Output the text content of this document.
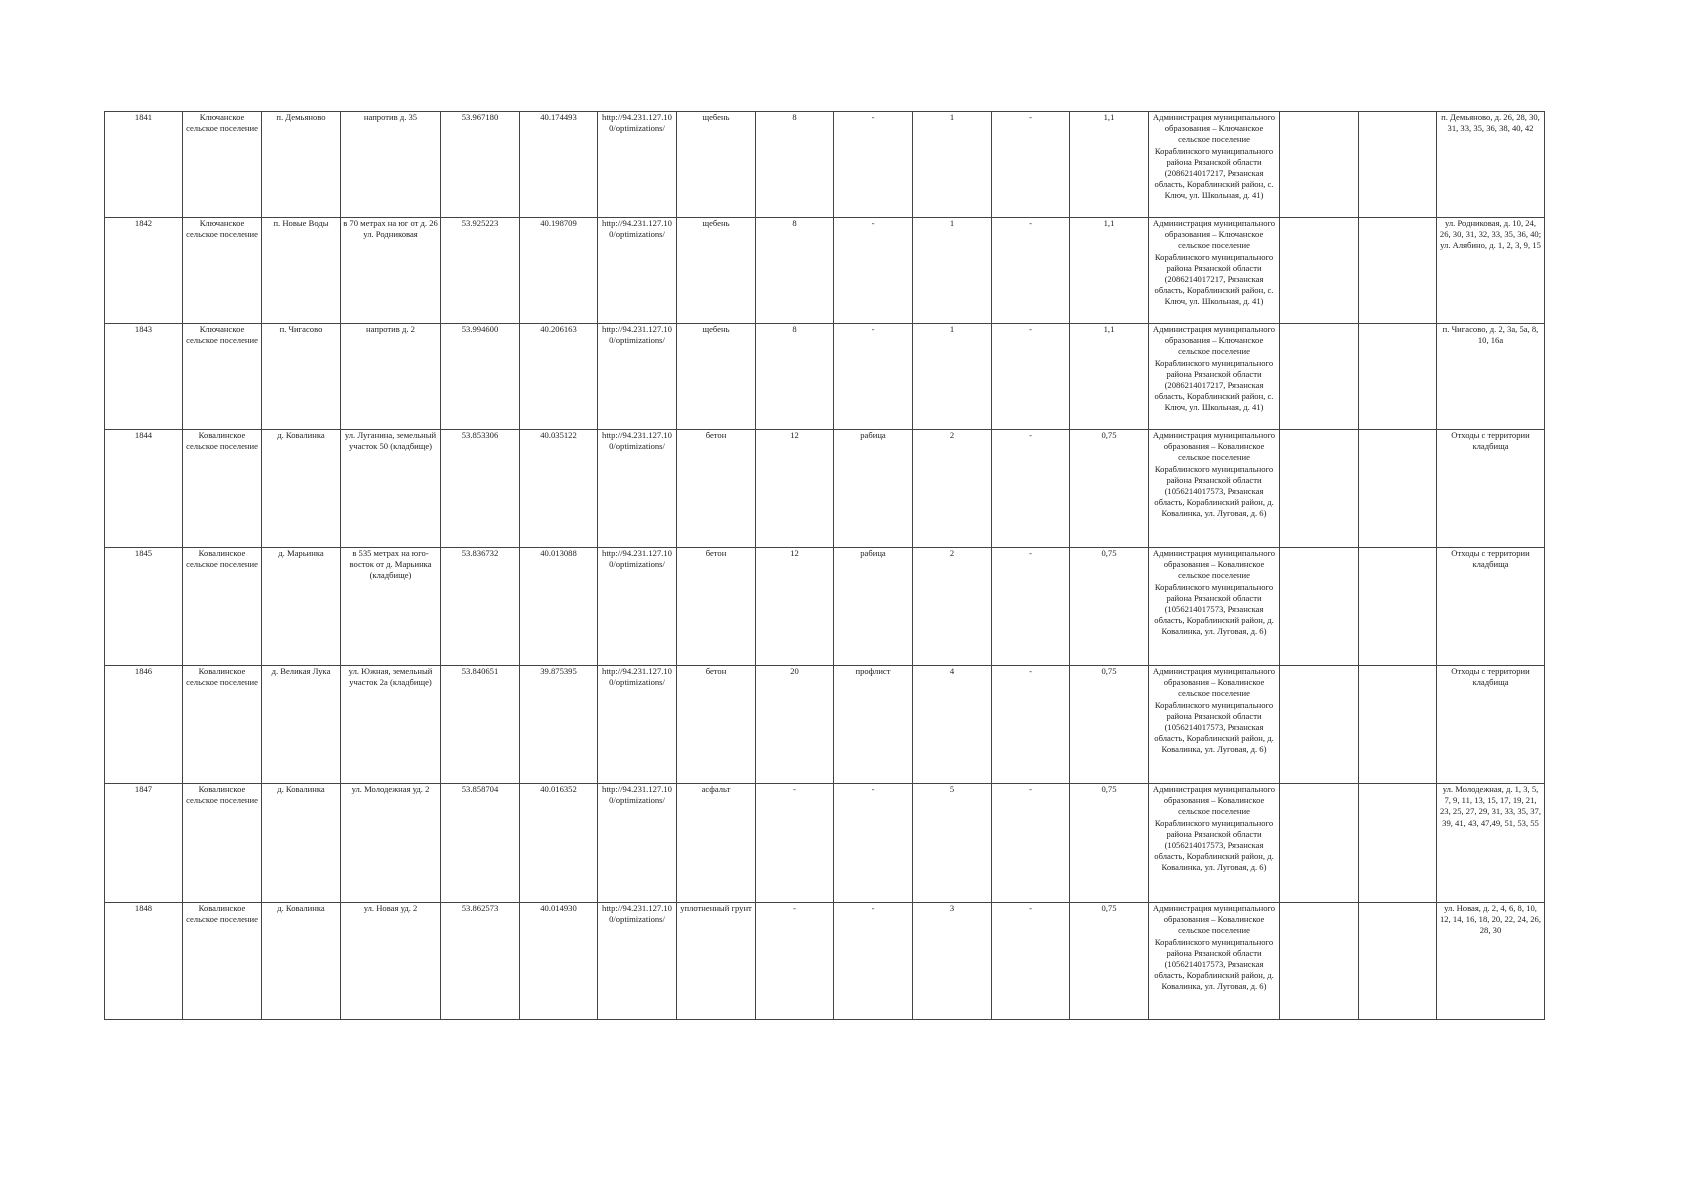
1841	Ключанское сельское поселение	п. Демьяново	напротив д. 35	53.967180	40.174493	http://94.231.127.10 0/optimizations/	щебень	8	-	1	-	1,1	Администрация муниципального образования – Ключанское сельское поселение Кораблинского муниципального района Рязанской области (2086214017217, Рязанская область, Кораблинский район, с. Ключ, ул. Школьная, д. 41)			п. Демьяново, д. 26, 28, 30, 31, 33, 35, 36, 38, 40, 42
1842	Ключанское сельское поселение	п. Новые Воды	в 70 метрах на юг от д. 26 ул. Родниковая	53.925223	40.198709	http://94.231.127.10 0/optimizations/	щебень	8	-	1	-	1,1	Администрация муниципального образования – Ключанское сельское поселение Кораблинского муниципального района Рязанской области (2086214017217, Рязанская область, Кораблинский район, с. Ключ, ул. Школьная, д. 41)			ул. Родниковая, д. 10, 24, 26, 30, 31, 32, 33, 35, 36, 40; ул. Алябино, д. 1, 2, 3, 9, 15
1843	Ключанское сельское поселение	п. Чигасово	напротив д. 2	53.994600	40.206163	http://94.231.127.10 0/optimizations/	щебень	8	-	1	-	1,1	Администрация муниципального образования – Ключанское сельское поселение Кораблинского муниципального района Рязанской области (2086214017217, Рязанская область, Кораблинский район, с. Ключ, ул. Школьная, д. 41)			п. Чигасово, д. 2, 3а, 5а, 8, 10, 16а
1844	Ковалинское сельское поселение	д. Ковалинка	ул. Луганина, земельный участок 50 (кладбище)	53.853306	40.035122	http://94.231.127.10 0/optimizations/	бетон	12	рабица	2	-	0,75	Администрация муниципального образования – Ковалинское сельское поселение Кораблинского муниципального района Рязанской области (1056214017573, Рязанская область, Кораблинский район, д. Ковалинка, ул. Луговая, д. 6)			Отходы с территории кладбища
1845	Ковалинское сельское поселение	д. Марьинка	в 535 метрах на юго-восток от д. Марьинка (кладбище)	53.836732	40.013088	http://94.231.127.10 0/optimizations/	бетон	12	рабица	2	-	0,75	Администрация муниципального образования – Ковалинское сельское поселение Кораблинского муниципального района Рязанской области (1056214017573, Рязанская область, Кораблинский район, д. Ковалинка, ул. Луговая, д. 6)			Отходы с территории кладбища
1846	Ковалинское сельское поселение	д. Великая Лука	ул. Южная, земельный участок 2а (кладбище)	53.840651	39.875395	http://94.231.127.10 0/optimizations/	бетон	20	профлист	4	-	0,75	Администрация муниципального образования – Ковалинское сельское поселение Кораблинского муниципального района Рязанской области (1056214017573, Рязанская область, Кораблинский район, д. Ковалинка, ул. Луговая, д. 6)			Отходы с территории кладбища
1847	Ковалинское сельское поселение	д. Ковалинка	ул. Молодежная уд. 2	53.858704	40.016352	http://94.231.127.10 0/optimizations/	асфальт	-	-	5	-	0,75	Администрация муниципального образования – Ковалинское сельское поселение Кораблинского муниципального района Рязанской области (1056214017573, Рязанская область, Кораблинский район, д. Ковалинка, ул. Луговая, д. 6)			ул. Молодежная, д. 1, 3, 5, 7, 9, 11, 13, 15, 17, 19, 21, 23, 25, 27, 29, 31, 33, 35, 37, 39, 41, 43, 47,49, 51, 53, 55
1848	Ковалинское сельское поселение	д. Ковалинка	ул. Новая уд. 2	53.862573	40.014930	http://94.231.127.10 0/optimizations/	уплотненный грунт	-	-	3	-	0,75	Администрация муниципального образования – Ковалинское сельское поселение Кораблинского муниципального района Рязанской области (1056214017573, Рязанская область, Кораблинский район, д. Ковалинка, ул. Луговая, д. 6)			ул. Новая, д. 2, 4, 6, 8, 10, 12, 14, 16, 18, 20, 22, 24, 26, 28, 30
